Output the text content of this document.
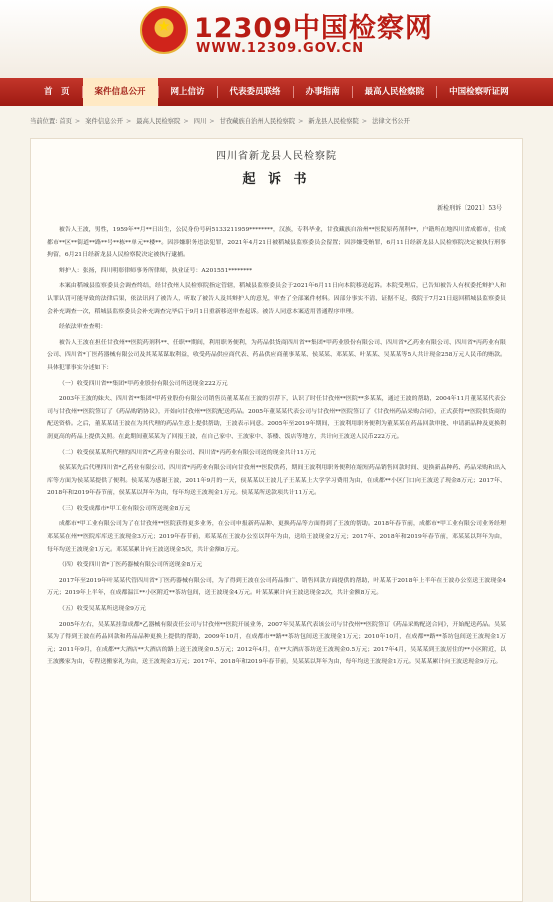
★
12309中国检察网
WWW.12309.GOV.CN
首　页	案件信息公开	网上信访	代表委员联络	办事指南	最高人民检察院	中国检察听证网
当前位置: 首页 > 案件信息公开 > 最高人民检察院 > 四川 > 甘孜藏族自治州人民检察院 > 新龙县人民检察院 > 法律文书公开
四川省新龙县人民检察院
起 诉 书
新检刑诉〔2021〕53号

被告人王波，男性，1959年**月**日出生，公民身份号码5133211959********，汉族，专科毕业，甘孜藏族自治州**医院原药剂科**，户籍所在地四川省成都市，住成都市**区**街道**路**号**栋**单元**楼**。因涉嫌职务违法犯罪，2021年4月21日被稻城县监察委员会留置；因涉嫌受贿罪，6月11日经新龙县人民检察院决定被执行刑事拘留，6月21日经新龙县人民检察院决定被执行逮捕。

辩护人：张扬，四川明彰律师事务所律师，执业证号：A201551********

本案由稻城县监察委员会调查终结，经甘孜州人民检察院指定管辖，稻城县监察委员会于2021年6月11日向本院移送起诉。本院受理后，已告知被告人有权委托辩护人和认罪认罚可能导致的法律后果，依法讯问了被告人，听取了被告人及其辩护人的意见，审查了全部案件材料。因部分事实不清、证据不足，我院于7月21日退回稻城县监察委员会补充调查一次，稻城县监察委员会补充调查完毕后于9月1日重新移送审查起诉。被告人同意本案适用普通程序审理。

经依法审查查明：

被告人王波在担任甘孜州**医院药剂科**、任职**期间，利用职务便利，为药品供货商四川省**集团*甲药业股份有限公司、四川省*乙药业有限公司、四川省*丙药业有限公司、四川省*丁医药器械有限公司及其某某谋取利益，收受药品供应商代表、药品供应商董事某某、侯某某、邓某某、叶某某、吴某某等5人共计现金258万元人民币的贿款。具体犯罪事实分述如下：

（一）收受四川省**集团*甲药业股份有限公司所送现金222万元

2003年王波的妹夫、四川省**集团*甲药业股份有限公司销售员董某某在王波的引荐下，认识了时任甘孜州**医院**多某某，通过王波的帮助，2004年11月董某某代表公司与甘孜州**医院签订了《药品购销协议》，开始向甘孜州**医院配送药品。2005年董某某代表公司与甘孜州**医院签订了《甘孜州药品采购合同》，正式获得**医院供货商的配送资格。之后，董某某请王波在为其代理的药品生意上提供帮助，王波表示同意。2005年至2019年期间，王波利用职务便利为董某某在药品回款审批、申请新品种及更换利润更高的药品上提供关照。在此期间董某某为了回报王波，在自己家中、王波家中、茶楼、饭店等地方，共计向王波送人民币222万元。

（二）收受侯某某所代理的四川省*乙药业有限公司、四川省*丙药业有限公司送的现金共计11万元

侯某某先后代理四川省*乙药业有限公司、四川省*丙药业有限公司向甘孜州**医院供药，期间王波利用职务便利在缩短药品销售回款时间、更换新品种药、药品采购和出入库等方面为侯某某提供了便利。侯某某为感谢王波，2011年9月的一天，侯某某以王波儿子王某某上大学学习费用为由，在成都**小区门口向王波送了现金8万元；2017年、2018年和2019年春节前，侯某某以拜年为由，每年均送王波现金1万元。侯某某所送款项共计11万元。

（三）收受成都市*甲工业有限公司所送现金8万元

成都市*甲工业有限公司为了在甘孜州**医院获得更多业务，在公司申报新药品种、更换药品等方面得到了王波的帮助。2018年春节前，成都市*甲工业有限公司业务经理邓某某在州**医院库库送王波现金3万元；2019年春节前，邓某某在王波办公室以拜年为由，送给王波现金2万元；2017年、2018年和2019年春节前，邓某某以拜年为由，每年均送王波现金1万元。邓某某累计向王波送现金5次，共计金额8万元。

（四）收受四川省*丁医药器械有限公司所送现金8万元

2017年至2019年叶某某代管四川省*丁医药器械有限公司，为了得到王波在公司药品推广、销售回款方面提供的帮助，叶某某于2018年上半年在王波办公室送王波现金4万元；2019年上半年，在成都温江**小区附近**茶坊包间，送王波现金4万元。叶某某累计向王波送现金2次，共计金额8万元。

（五）收受吴某某所送现金9万元

2005年左右，吴某某挂靠成都*乙器械有限责任公司与甘孜州**医院开展业务，2007年吴某某代表该公司与甘孜州**医院签订《药品采购配送合同》，开始配送药品。吴某某为了得到王波在药品回款和药品品种更换上提供的帮助，2009年10月，在成都市**路**茶坊包间送王波现金1万元；2010年10月，在成都**路**茶坊包间送王波现金1万元；2011年9月，在成都**大酒店**大酒店的路上送王波现金0.5万元；2012年4月，在**大酒店茶坊送王波现金0.5万元；2017年4月，吴某某到王波居住的**小区附近，以王波搬家为由，专程送搬家礼为由，送王波现金3万元；2017年、2018年和2019年春节前，吴某某以拜年为由，每年均送王波现金1万元。吴某某累计向王波送现金9万元。
